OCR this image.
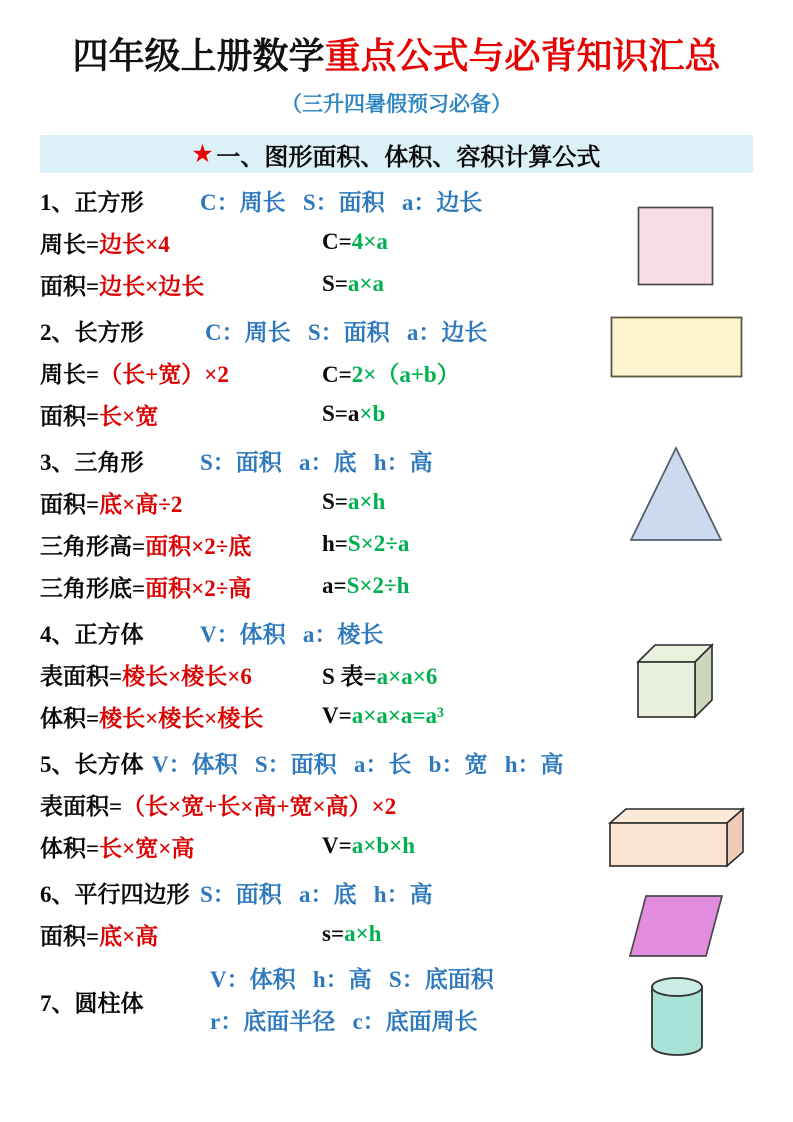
四年级上册数学重点公式与必背知识汇总
（三升四暑假预习必备）
★ 一、图形面积、体积、容积计算公式
1、正方形	C：周长   S：面积   a：边长
周长=边长×4	C=4×a
面积=边长×边长	S=a×a
2、长方形	C：周长   S：面积   a：边长
周长=（长+宽）×2	C=2×（a+b）
面积=长×宽	S=a×b
3、三角形	S：面积   a：底   h：高
面积=底×高÷2	S=a×h
三角形高=面积×2÷底	h=S×2÷a
三角形底=面积×2÷高	a=S×2÷h
4、正方体	V：体积   a：棱长
表面积=棱长×棱长×6	S 表=a×a×6
体积=棱长×棱长×棱长	V=a×a×a=a³
5、长方体 V：体积   S：面积   a：长   b：宽   h：高
表面积=（长×宽+长×高+宽×高）×2
体积=长×宽×高	V=a×b×h
6、平行四边形 S：面积   a：底   h：高
面积=底×高	s=a×h
7、圆柱体
V：体积   h：高   S：底面积
r：底面半径   c：底面周长
